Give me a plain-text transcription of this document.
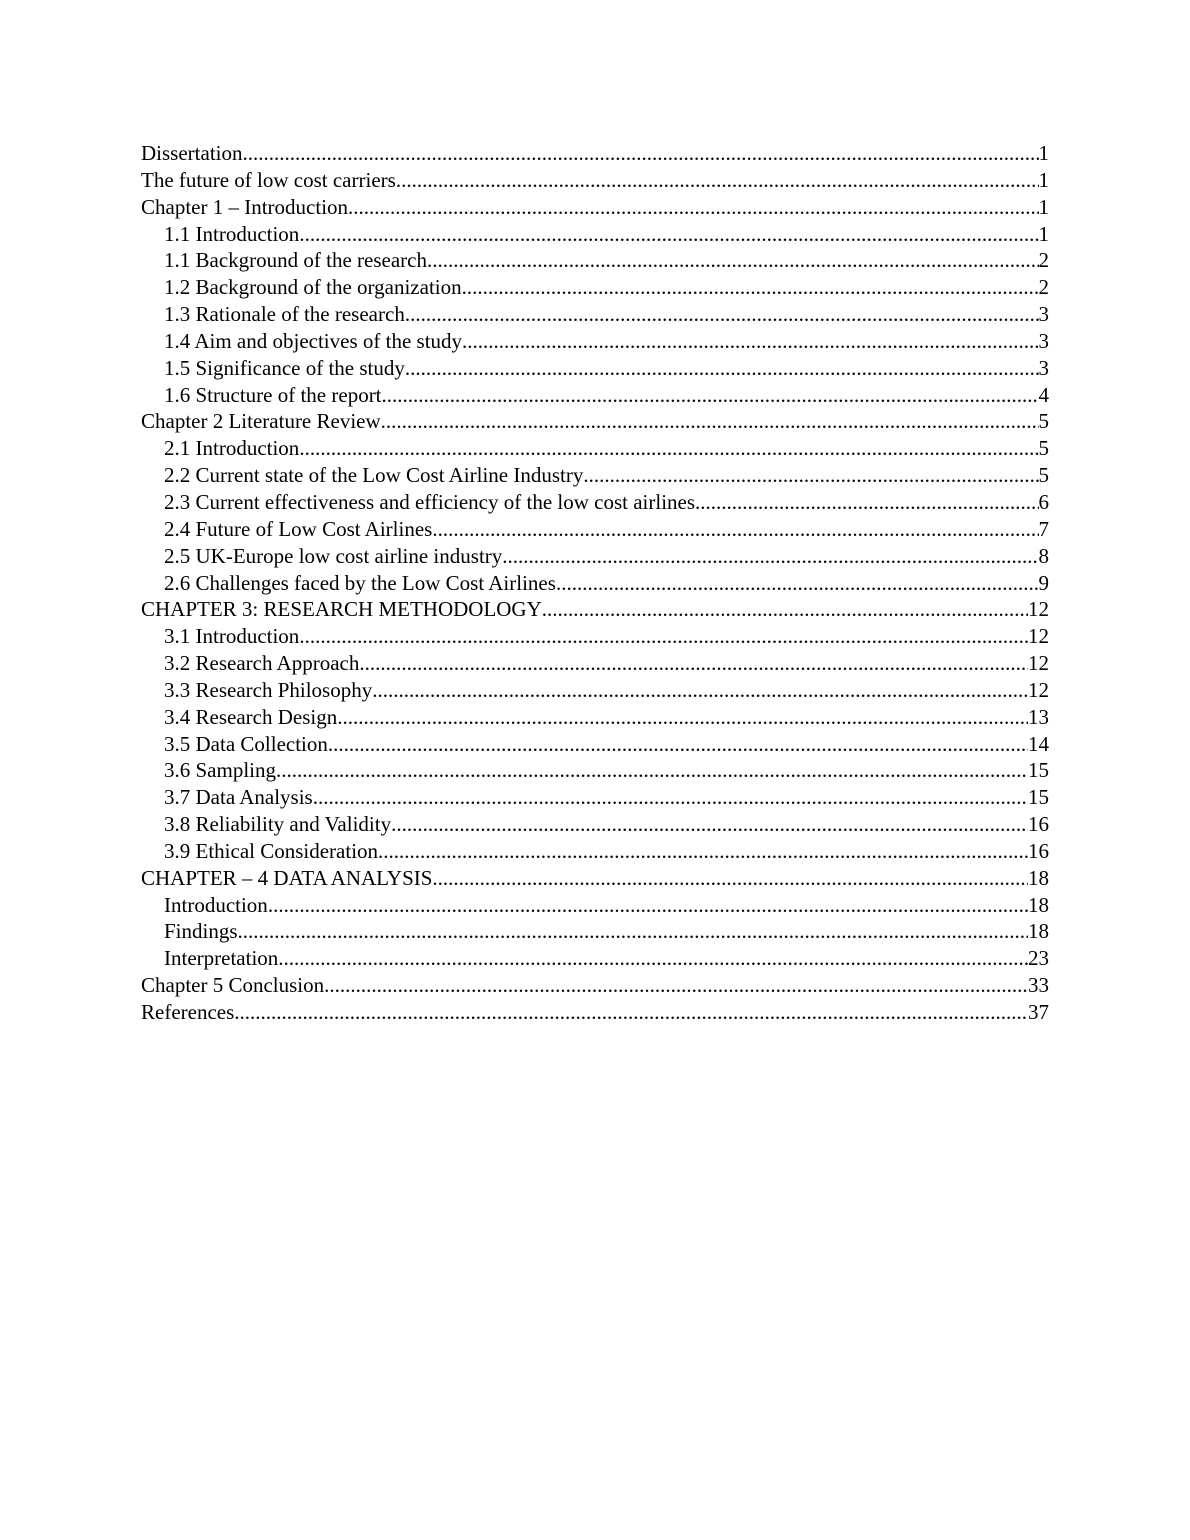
Dissertation .....	1
The future of low cost carriers .....	1
Chapter 1 – Introduction .....	1
1.1 Introduction .....	1
1.1 Background of the research .....	2
1.2 Background of the organization .....	2
1.3 Rationale of the research .....	3
1.4 Aim and objectives of the study .....	3
1.5 Significance of the study .....	3
1.6 Structure of the report .....	4
Chapter 2 Literature Review .....	5
2.1 Introduction .....	5
2.2 Current state of the Low Cost Airline Industry .....	5
2.3 Current effectiveness and efficiency of the low cost airlines .....	6
2.4 Future of Low Cost Airlines .....	7
2.5 UK-Europe low cost airline industry .....	8
2.6 Challenges faced by the Low Cost Airlines .....	9
CHAPTER 3: RESEARCH METHODOLOGY .....	12
3.1 Introduction .....	12
3.2 Research Approach .....	12
3.3 Research Philosophy .....	12
3.4 Research Design .....	13
3.5 Data Collection .....	14
3.6 Sampling .....	15
3.7 Data Analysis .....	15
3.8 Reliability and Validity .....	16
3.9 Ethical Consideration .....	16
CHAPTER – 4 DATA ANALYSIS .....	18
Introduction .....	18
Findings .....	18
Interpretation .....	23
Chapter 5 Conclusion .....	33
References .....	37
